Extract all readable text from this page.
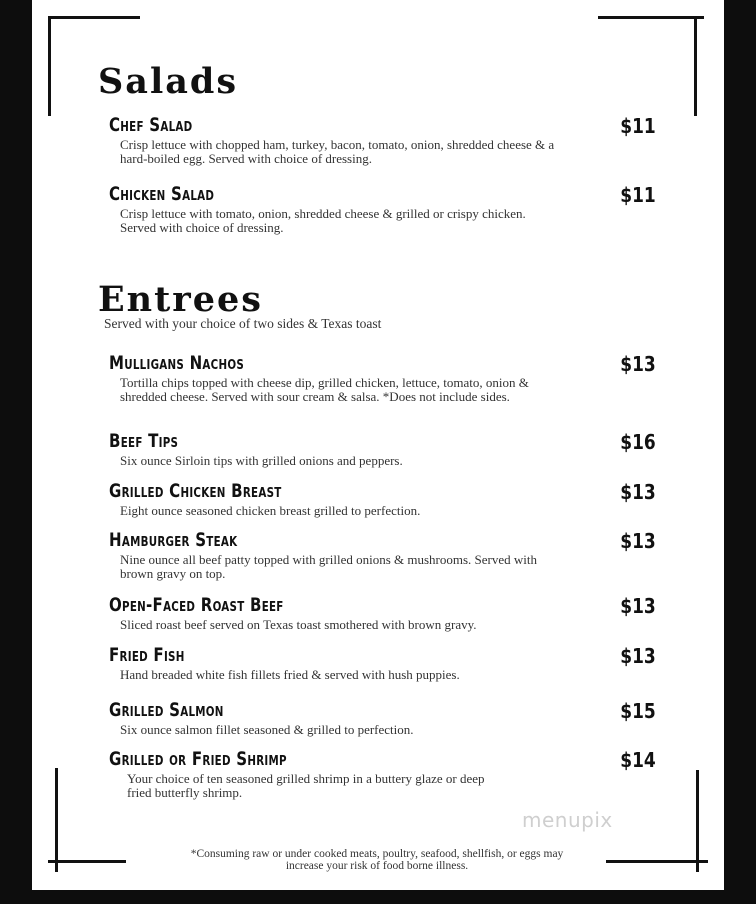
Salads
Chef Salad	$11

Crisp lettuce with chopped ham, turkey, bacon, tomato, onion, shredded cheese & a hard-boiled egg. Served with choice of dressing.

Chicken Salad	$11

Crisp lettuce with tomato, onion, shredded cheese & grilled or crispy chicken. Served with choice of dressing.

Entrees

Served with your choice of two sides & Texas toast

Mulligans Nachos	$13

Tortilla chips topped with cheese dip, grilled chicken, lettuce, tomato, onion & shredded cheese. Served with sour cream & salsa. *Does not include sides.

Beef Tips	$16

Six ounce Sirloin tips with grilled onions and peppers.

Grilled Chicken Breast	$13

Eight ounce seasoned chicken breast grilled to perfection.

Hamburger Steak	$13

Nine ounce all beef patty topped with grilled onions & mushrooms. Served with brown gravy on top.

Open-Faced Roast Beef	$13

Sliced roast beef served on Texas toast smothered with brown gravy.

Fried Fish	$13

Hand breaded white fish fillets fried & served with hush puppies.

Grilled Salmon	$15

Six ounce salmon fillet seasoned & grilled to perfection.

Grilled or Fried Shrimp	$14

Your choice of ten seasoned grilled shrimp in a buttery glaze or deep fried butterfly shrimp.

menupix
*Consuming raw or under cooked meats, poultry, seafood, shellfish, or eggs may increase your risk of food borne illness.
